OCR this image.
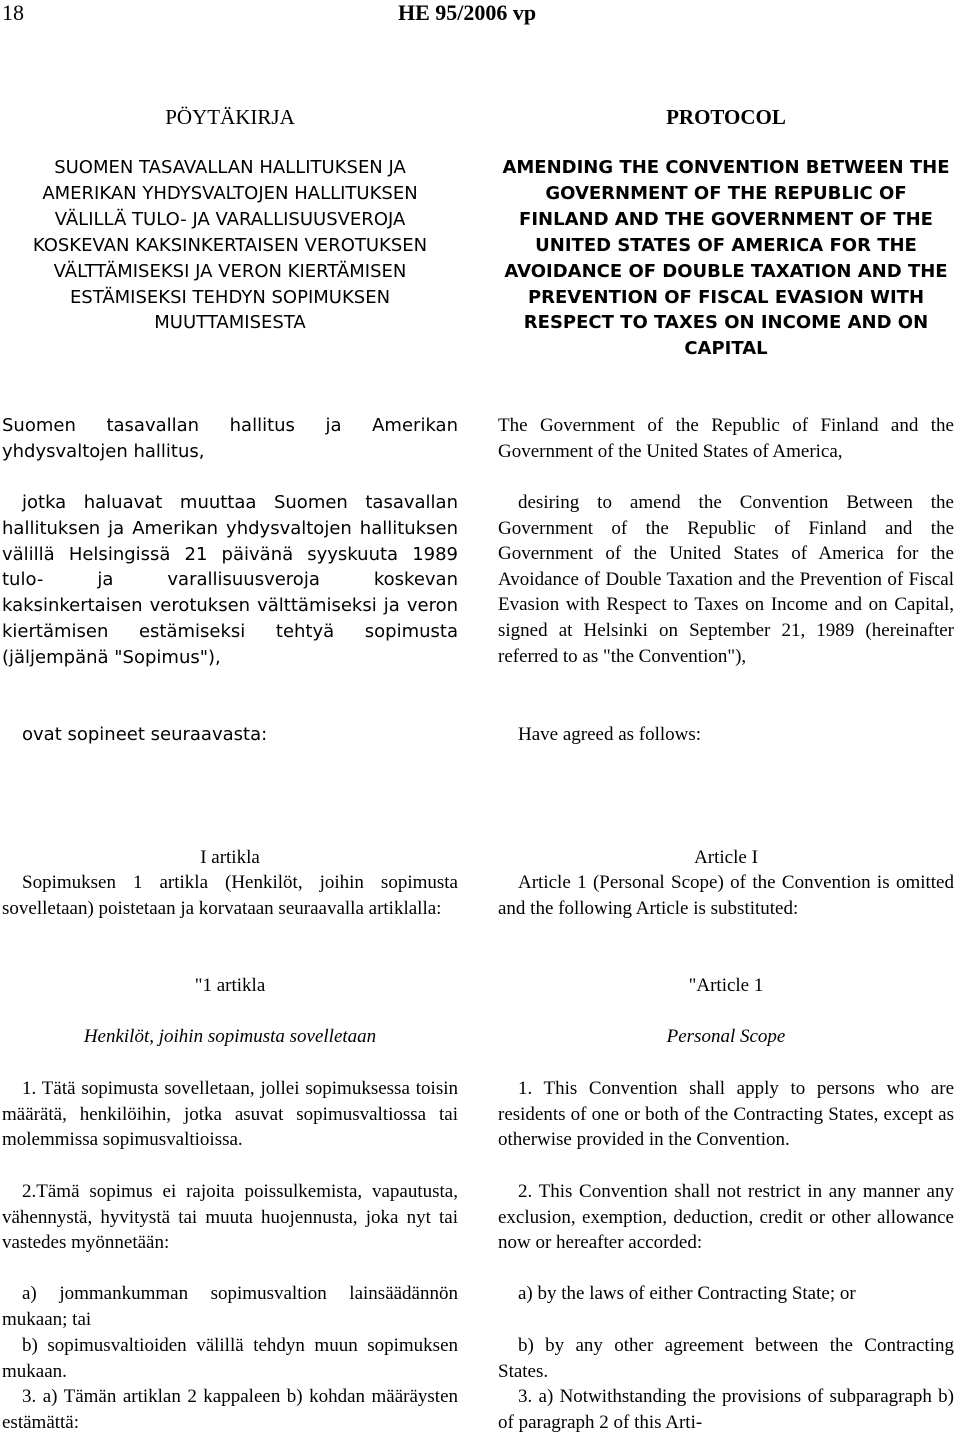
18	HE 95/2006 vp
PÖYTÄKIRJA
SUOMEN TASAVALLAN HALLITUKSEN JA AMERIKAN YHDYSVALTOJEN HALLITUKSEN VÄLILLÄ TULO- JA VARALLISUUSVEROJA KOSKEVAN KAKSINKERTAISEN VEROTUKSEN VÄLTTÄMISEKSI JA VERON KIERTÄMISEN ESTÄMISEKSI TEHDYN SOPIMUKSEN MUUTTAMISESTA
Suomen tasavallan hallitus ja Amerikan yhdysvaltojen hallitus,
jotka haluavat muuttaa Suomen tasavallan hallituksen ja Amerikan yhdysvaltojen hallituksen välillä Helsingissä 21 päivänä syyskuuta 1989 tulo- ja varallisuusveroja koskevan kaksinkertaisen verotuksen välttämiseksi ja veron kiertämisen estämiseksi tehtyä sopimusta (jäljempänä "Sopimus"),
ovat sopineet seuraavasta:
I artikla
Sopimuksen 1 artikla (Henkilöt, joihin sopimusta sovelletaan) poistetaan ja korvataan seuraavalla artiklalla:
"1 artikla
Henkilöt, joihin sopimusta sovelletaan
1. Tätä sopimusta sovelletaan, jollei sopimuksessa toisin määrätä, henkilöihin, jotka asuvat sopimusvaltiossa tai molemmissa sopimusvaltioissa.
2.Tämä sopimus ei rajoita poissulkemista, vapautusta, vähennystä, hyvitystä tai muuta huojennusta, joka nyt tai vastedes myönnetään:
a) jommankumman sopimusvaltion lainsäädännön mukaan; tai
b) sopimusvaltioiden välillä tehdyn muun sopimuksen mukaan.
3. a) Tämän artiklan 2 kappaleen b) kohdan määräysten estämättä:
PROTOCOL
AMENDING THE CONVENTION BETWEEN THE GOVERNMENT OF THE REPUBLIC OF FINLAND AND THE GOVERNMENT OF THE UNITED STATES OF AMERICA FOR THE AVOIDANCE OF DOUBLE TAXATION AND THE PREVENTION OF FISCAL EVASION WITH RESPECT TO TAXES ON INCOME AND ON CAPITAL
The Government of the Republic of Finland and the Government of the United States of America,
desiring to amend the Convention Between the Government of the Republic of Finland and the Government of the United States of America for the Avoidance of Double Taxation and the Prevention of Fiscal Evasion with Respect to Taxes on Income and on Capital, signed at Helsinki on September 21, 1989 (hereinafter referred to as "the Convention"),
Have agreed as follows:
Article I
Article 1 (Personal Scope) of the Convention is omitted and the following Article is substituted:
"Article 1
Personal Scope
1. This Convention shall apply to persons who are residents of one or both of the Contracting States, except as otherwise provided in the Convention.
2. This Convention shall not restrict in any manner any exclusion, exemption, deduction, credit or other allowance now or hereafter accorded:
a) by the laws of either Contracting State; or
b) by any other agreement between the Contracting States.
3. a) Notwithstanding the provisions of subparagraph b) of paragraph 2 of this Arti-
